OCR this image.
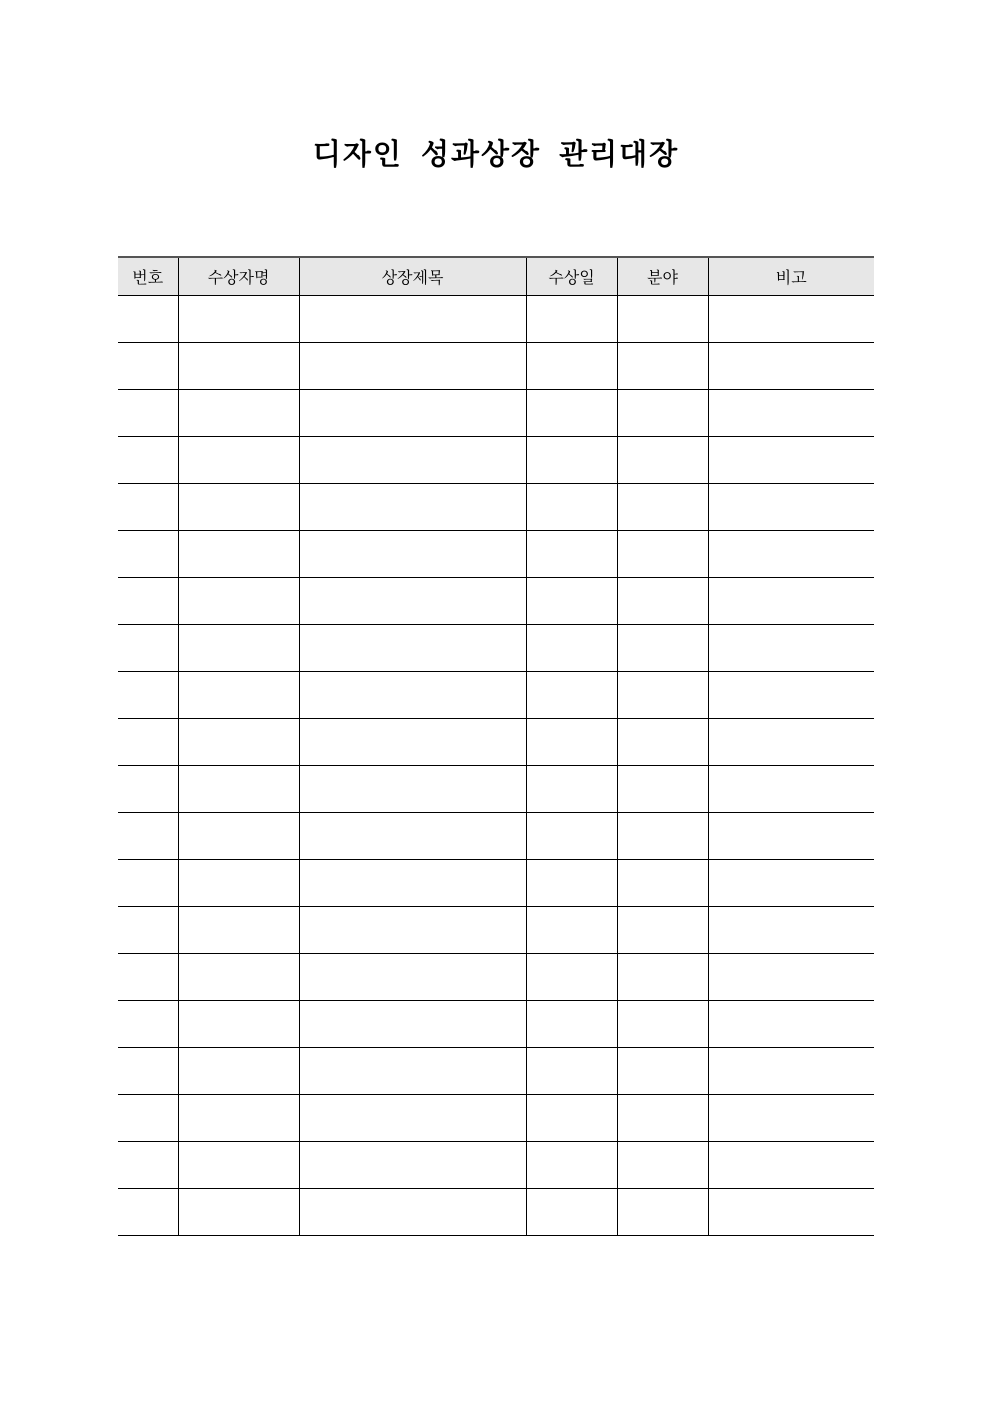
디자인 성과상장 관리대장
번호	수상자명	상장제목	수상일	분야	비고
